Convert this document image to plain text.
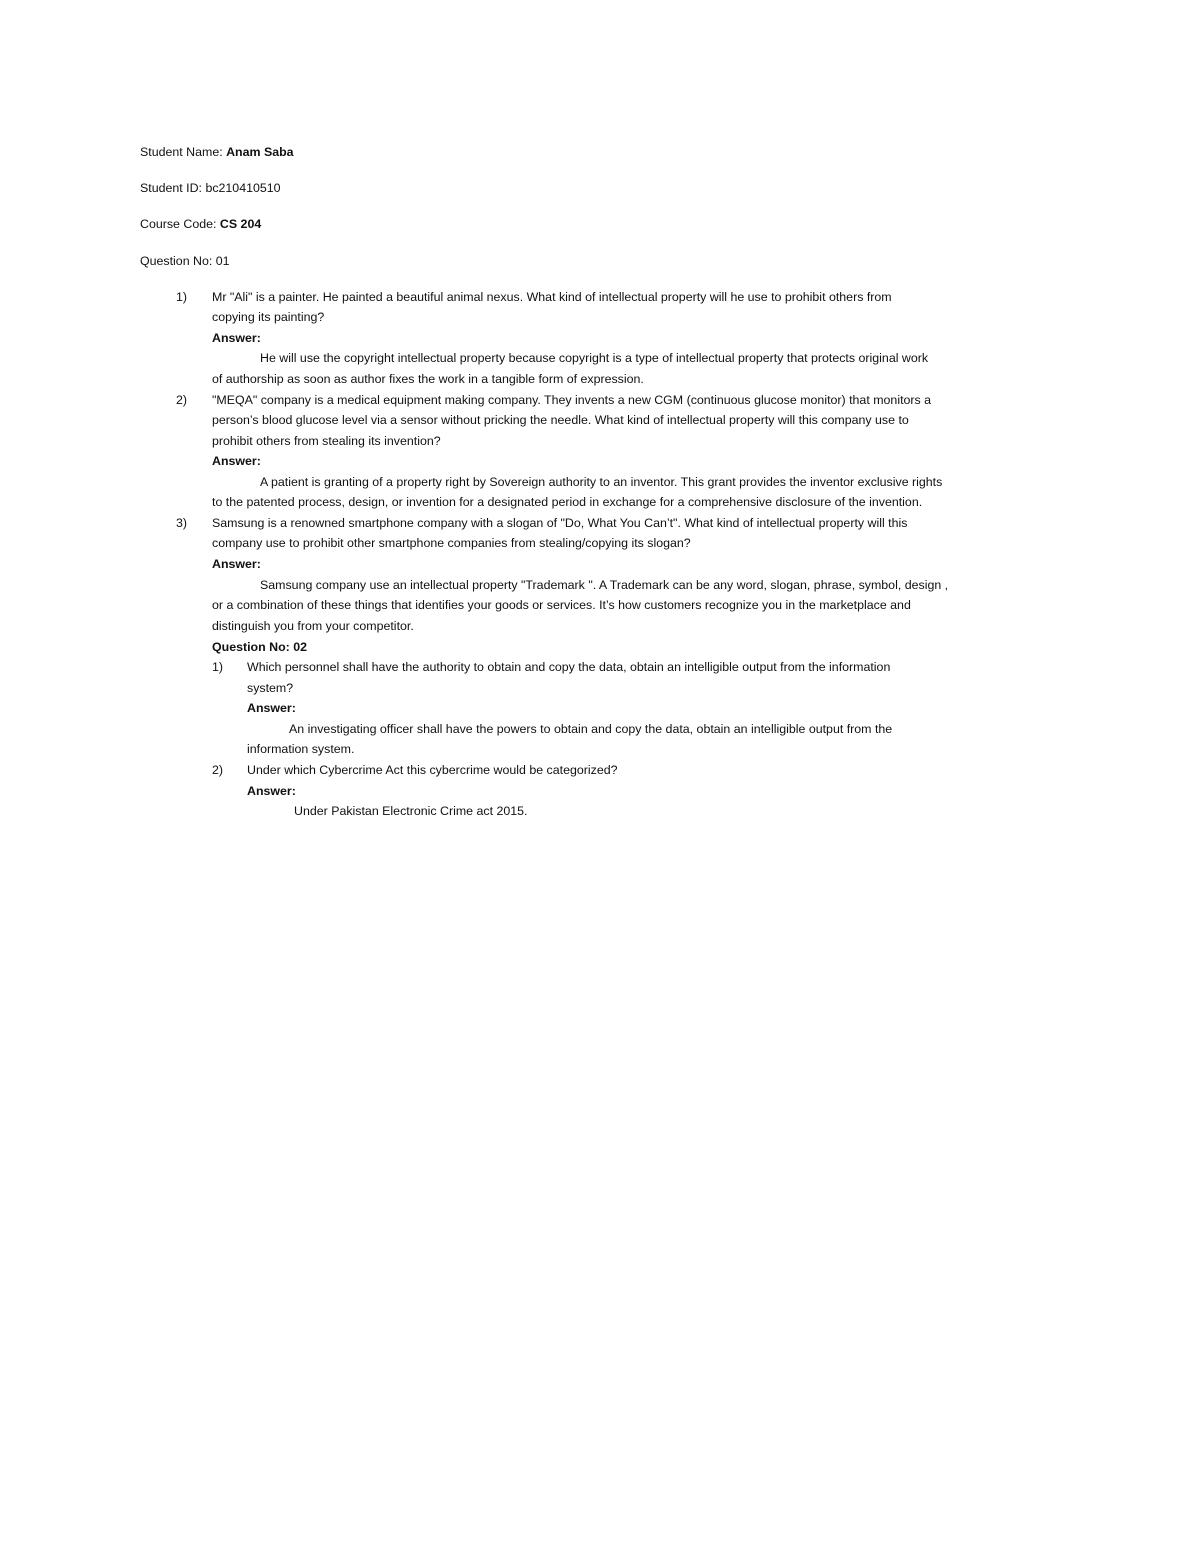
Student Name: Anam Saba
Student ID: bc210410510
Course Code: CS 204
Question No: 01
1) Mr "Ali" is a painter. He painted a beautiful animal nexus. What kind of intellectual property will he use to prohibit others from
copying its painting?
Answer:
He will use the copyright intellectual property because copyright is a type of intellectual property that protects original work
of authorship as soon as author fixes the work in a tangible form of expression.
2) "MEQA" company is a medical equipment making company. They invents a new CGM (continuous glucose monitor) that monitors a
person’s blood glucose level via a sensor without pricking the needle. What kind of intellectual property will this company use to
prohibit others from stealing its invention?
Answer:
A patient is granting of a property right by Sovereign authority to an inventor. This grant provides the inventor exclusive rights
to the patented process, design, or invention for a designated period in exchange for a comprehensive disclosure of the invention.
3) Samsung is a renowned smartphone company with a slogan of "Do, What You Can’t". What kind of intellectual property will this
company use to prohibit other smartphone companies from stealing/copying its slogan?
Answer:
Samsung company use an intellectual property "Trademark ". A Trademark can be any word, slogan, phrase, symbol, design ,
or a combination of these things that identifies your goods or services. It’s how customers recognize you in the marketplace and
distinguish you from your competitor.
Question No: 02
1) Which personnel shall have the authority to obtain and copy the data, obtain an intelligible output from the information
system?
Answer:
An investigating officer shall have the powers to obtain and copy the data, obtain an intelligible output from the
information system.
2) Under which Cybercrime Act this cybercrime would be categorized?
Answer:
Under Pakistan Electronic Crime act 2015.
